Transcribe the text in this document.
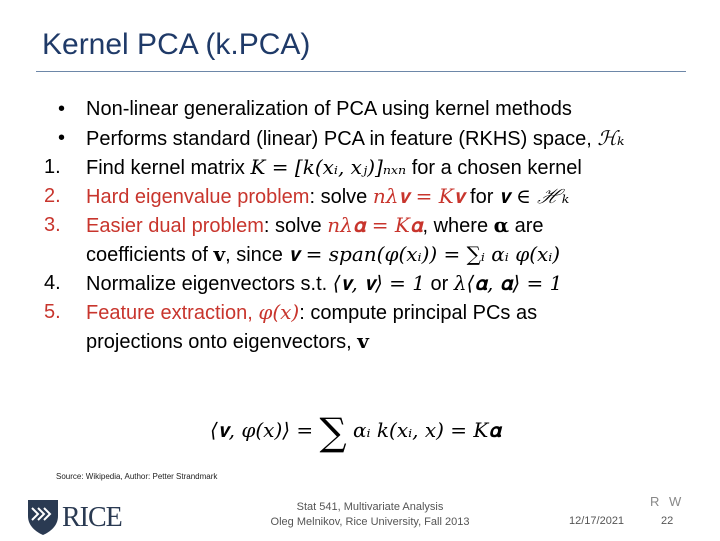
Kernel PCA (k.PCA)
• Non-linear generalization of PCA using kernel methods
• Performs standard (linear) PCA in feature (RKHS) space, ℋₖ
1.	Find kernel matrix K = [k(xᵢ, xⱼ)]ₙₓₙ for a chosen kernel
2.	Hard eigenvalue problem: solve nλ𝐯 = K𝐯 for 𝐯 ∈ ℋₖ
3.	Easier dual problem: solve nλ𝛂 = K𝛂, where 𝛂 are
coefficients of 𝐯, since 𝐯 = span(φ(xᵢ)) = ∑ᵢ αᵢ φ(xᵢ)
4.	Normalize eigenvectors s.t. ⟨𝐯, 𝐯⟩ = 1 or λ⟨𝛂, 𝛂⟩ = 1
5.	Feature extraction, φ(x): compute principal PCs as
projections onto eigenvectors, 𝐯
⟨𝐯, φ(x)⟩ = ∑ αᵢ k(xᵢ, x) = K𝛂
Source: Wikipedia, Author: Petter Strandmark
RICE	Stat 541, Multivariate Analysis
Oleg Melnikov, Rice University, Fall 2013	12/17/2021
R W
22
